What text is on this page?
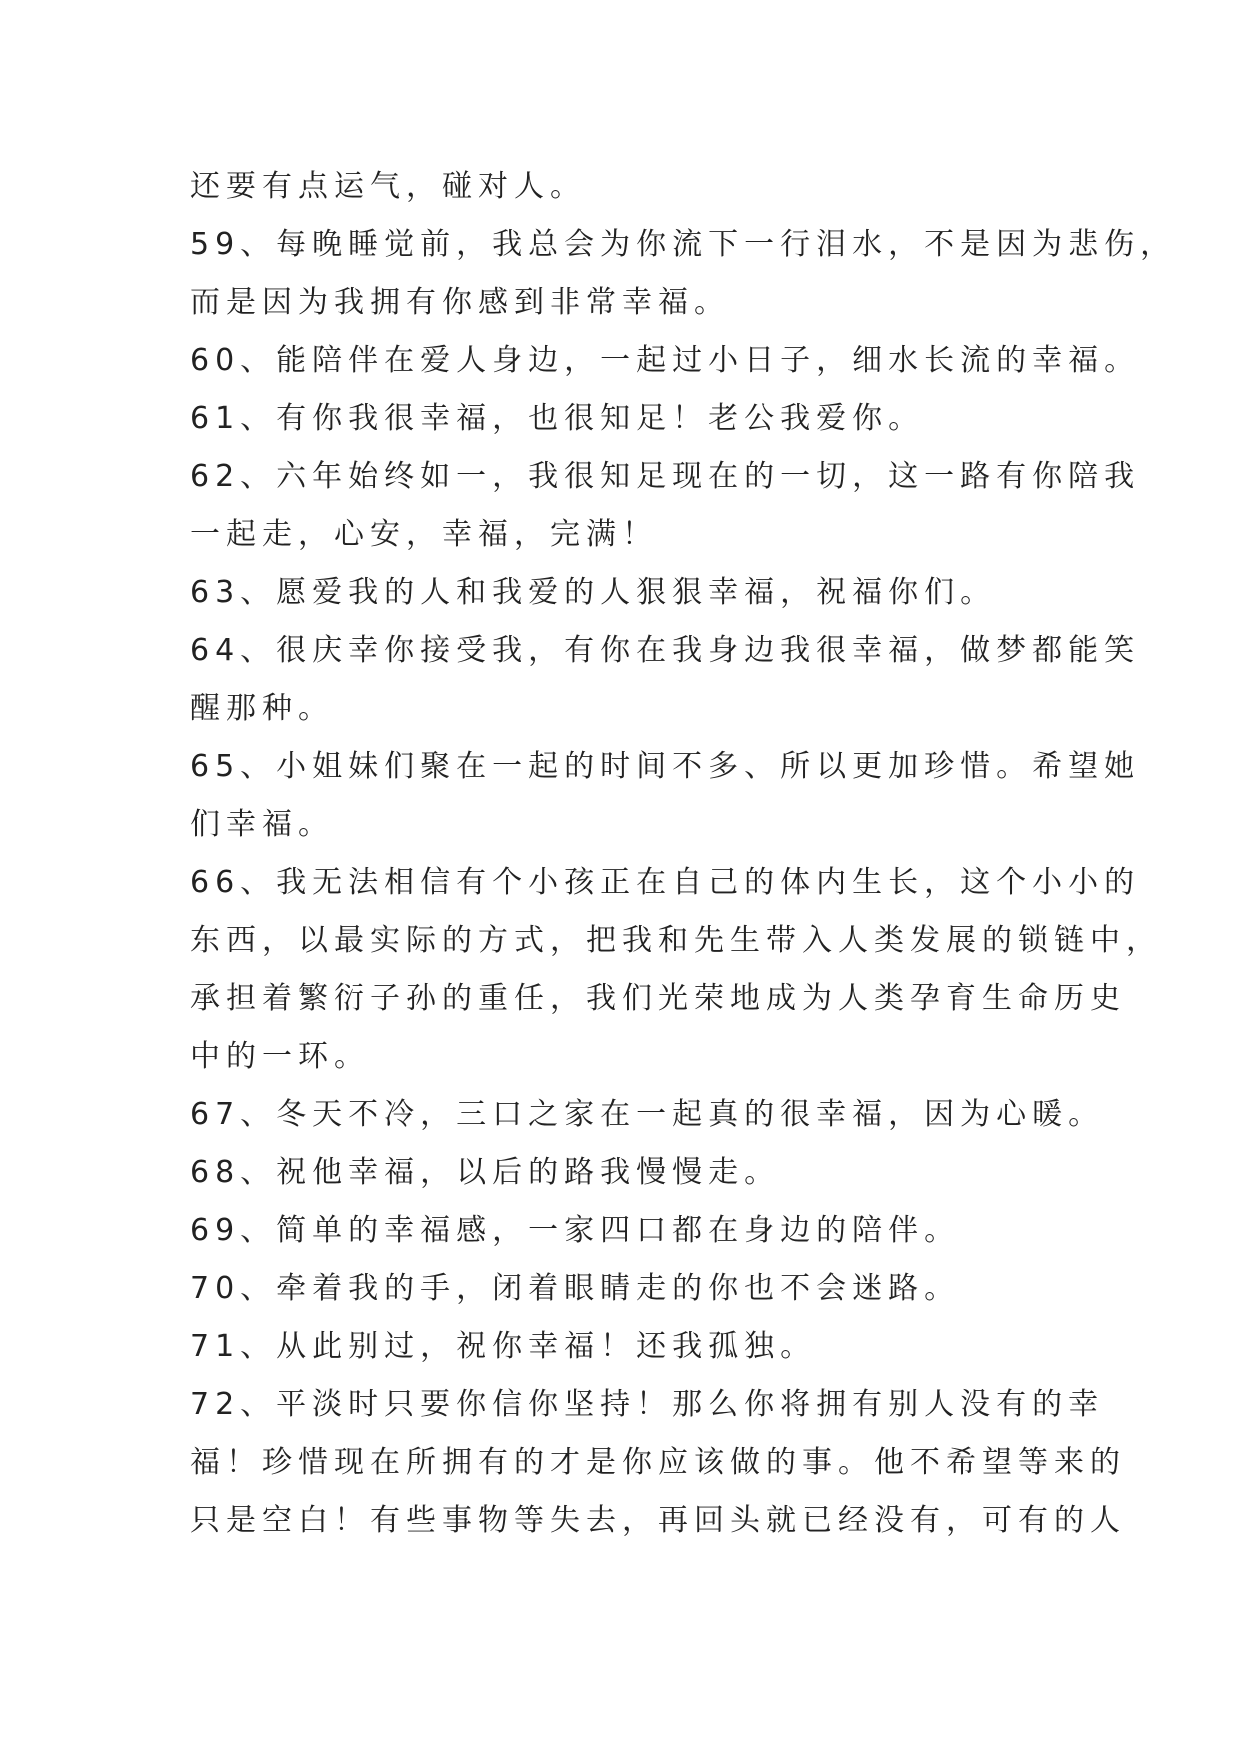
还要有点运气，碰对人。
59、每晚睡觉前，我总会为你流下一行泪水，不是因为悲伤，
而是因为我拥有你感到非常幸福。
60、能陪伴在爱人身边，一起过小日子，细水长流的幸福。
61、有你我很幸福，也很知足！老公我爱你。
62、六年始终如一，我很知足现在的一切，这一路有你陪我
一起走，心安，幸福，完满！
63、愿爱我的人和我爱的人狠狠幸福，祝福你们。
64、很庆幸你接受我，有你在我身边我很幸福，做梦都能笑
醒那种。
65、小姐妹们聚在一起的时间不多、所以更加珍惜。希望她
们幸福。
66、我无法相信有个小孩正在自己的体内生长，这个小小的
东西，以最实际的方式，把我和先生带入人类发展的锁链中，
承担着繁衍子孙的重任，我们光荣地成为人类孕育生命历史
中的一环。
67、冬天不冷，三口之家在一起真的很幸福，因为心暖。
68、祝他幸福，以后的路我慢慢走。
69、简单的幸福感，一家四口都在身边的陪伴。
70、牵着我的手，闭着眼睛走的你也不会迷路。
71、从此别过，祝你幸福！还我孤独。
72、平淡时只要你信你坚持！那么你将拥有别人没有的幸
福！珍惜现在所拥有的才是你应该做的事。他不希望等来的
只是空白！有些事物等失去，再回头就已经没有，可有的人
